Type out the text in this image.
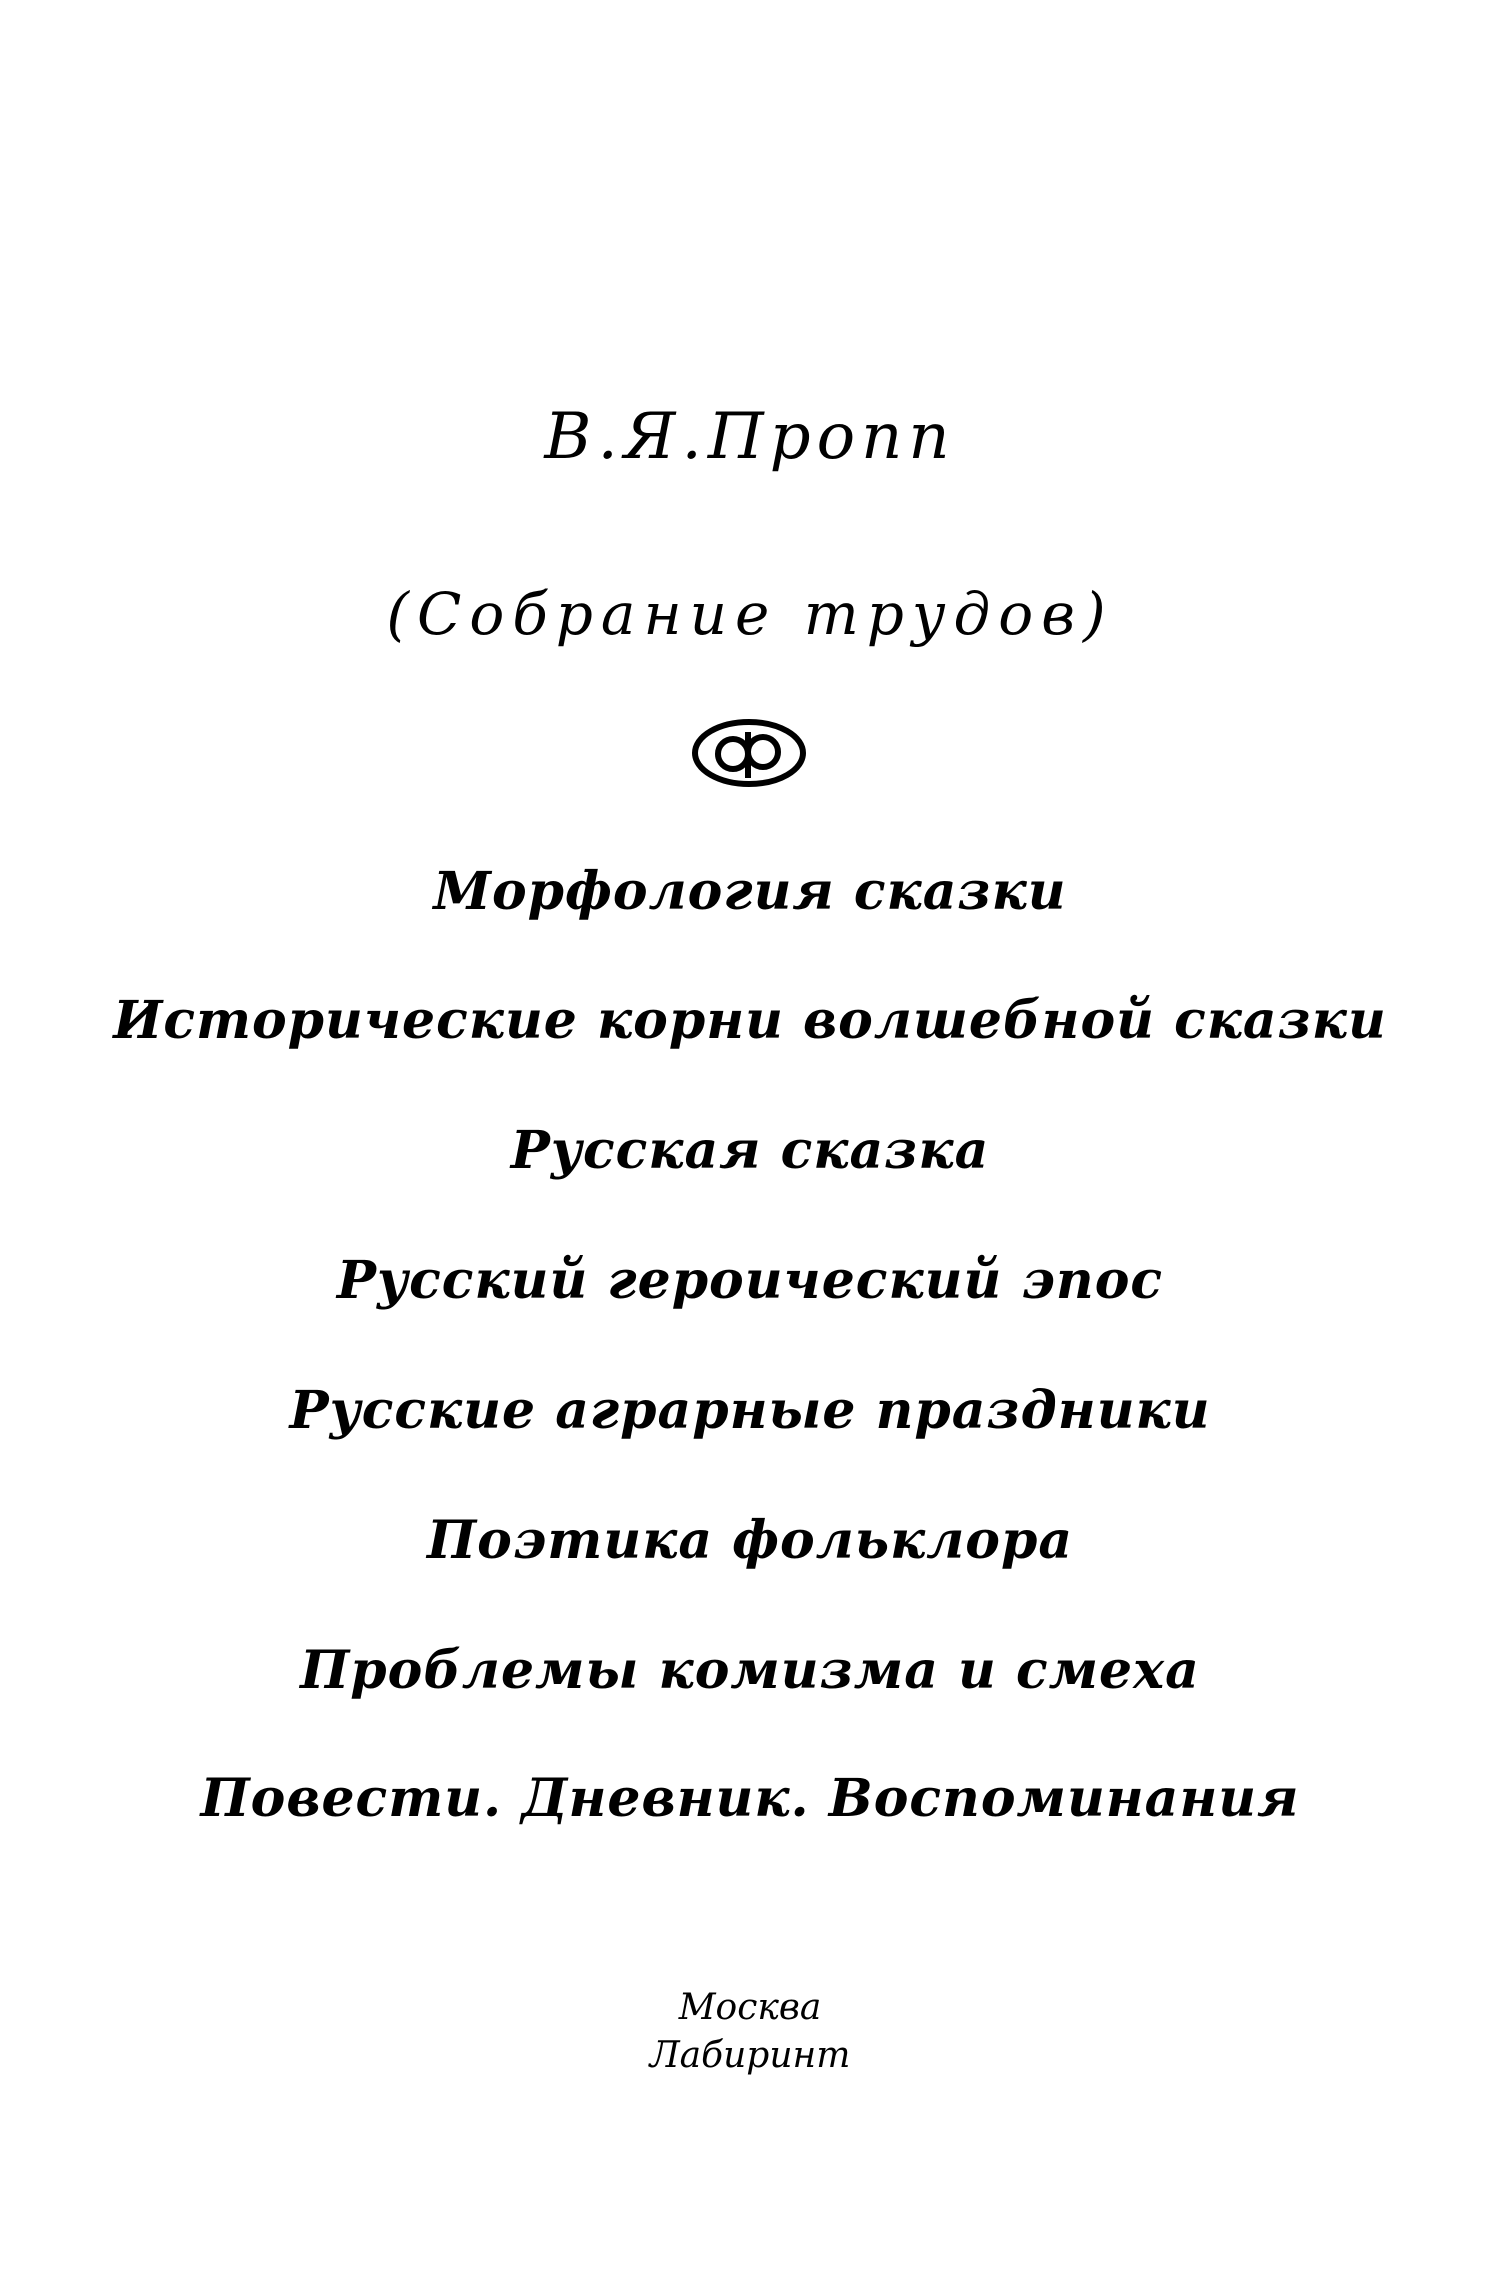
В.Я.Пропп
(Собрание трудов)
Морфология сказки
Исторические корни волшебной сказки
Русская сказка
Русский героический эпос
Русские аграрные праздники
Поэтика фольклора
Проблемы комизма и смеха
Повести. Дневник. Воспоминания
Москва
Лабиринт
